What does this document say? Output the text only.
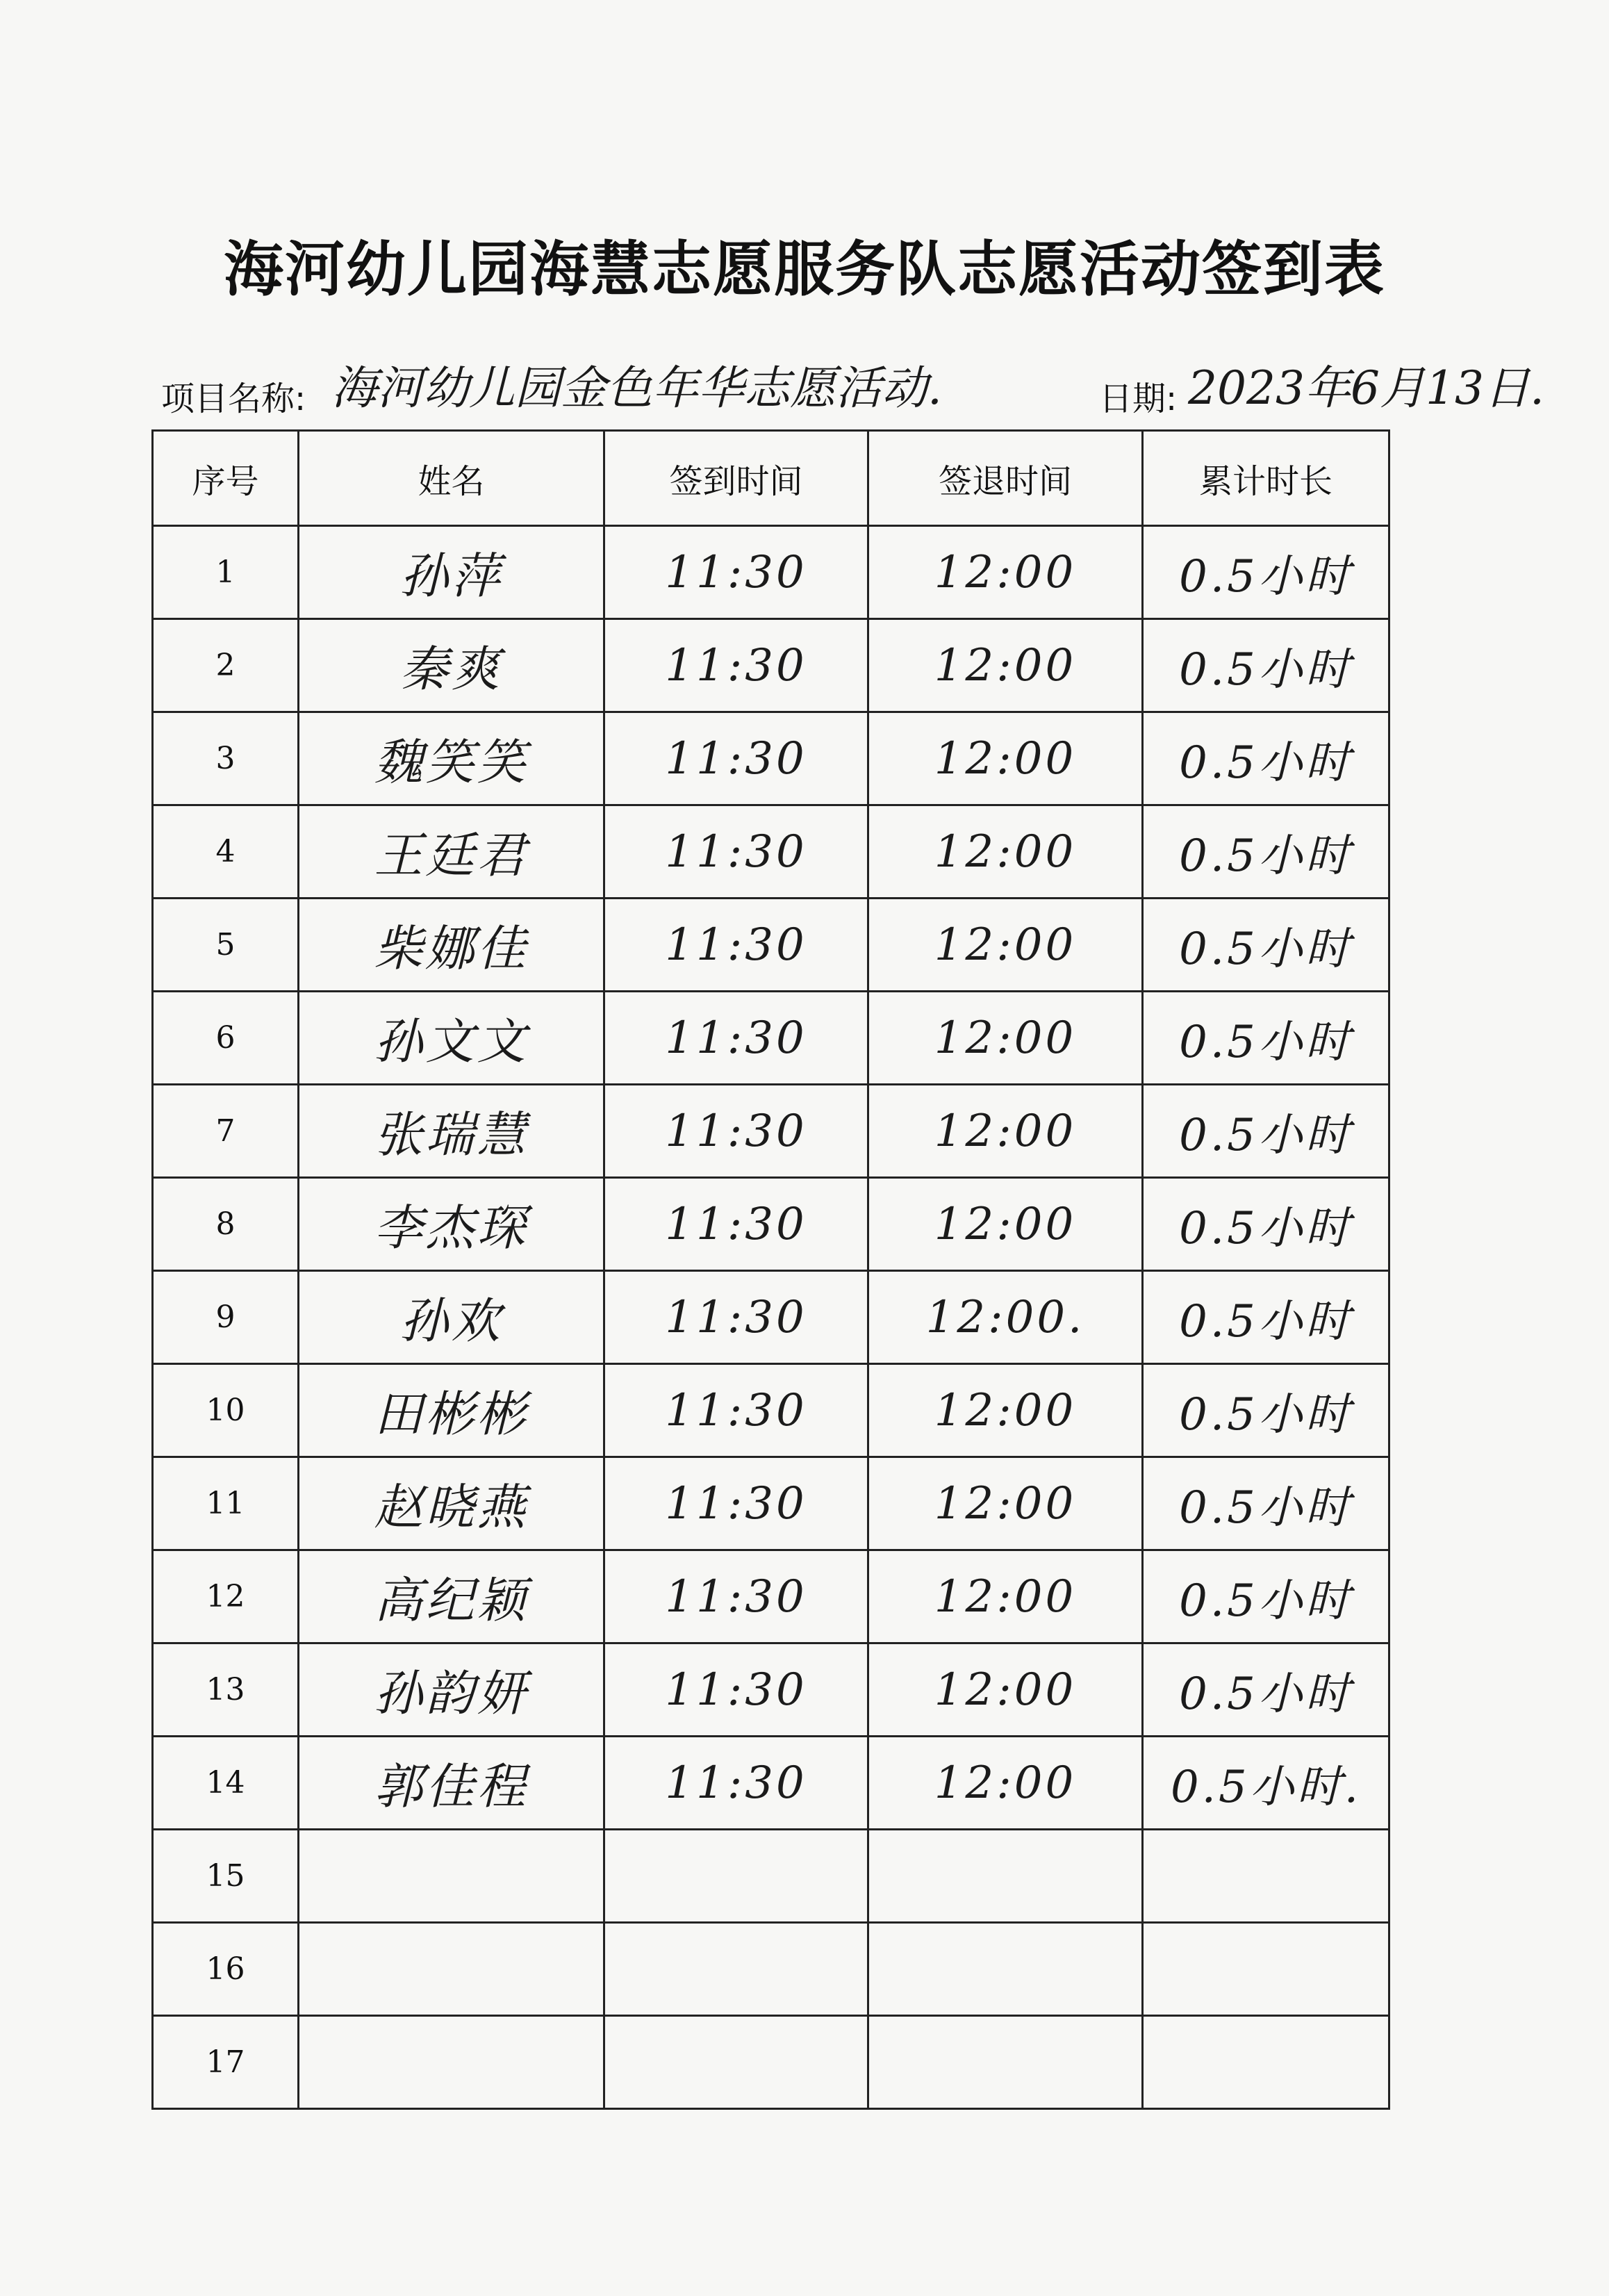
海河幼儿园海慧志愿服务队志愿活动签到表
项目名称: 海河幼儿园金色年华志愿活动.	日期: 2023年6月13日.
序号	姓名	签到时间	签退时间	累计时长
1	孙萍	11:30	12:00	0.5小时
2	秦爽	11:30	12:00	0.5小时
3	魏笑笑	11:30	12:00	0.5小时
4	王廷君	11:30	12:00	0.5小时
5	柴娜佳	11:30	12:00	0.5小时
6	孙文文	11:30	12:00	0.5小时
7	张瑞慧	11:30	12:00	0.5小时
8	李杰琛	11:30	12:00	0.5小时
9	孙欢	11:30	12:00.	0.5小时
10	田彬彬	11:30	12:00	0.5小时
11	赵晓燕	11:30	12:00	0.5小时
12	高纪颖	11:30	12:00	0.5小时
13	孙韵妍	11:30	12:00	0.5小时
14	郭佳程	11:30	12:00	0.5小时.
15				
16				
17				
